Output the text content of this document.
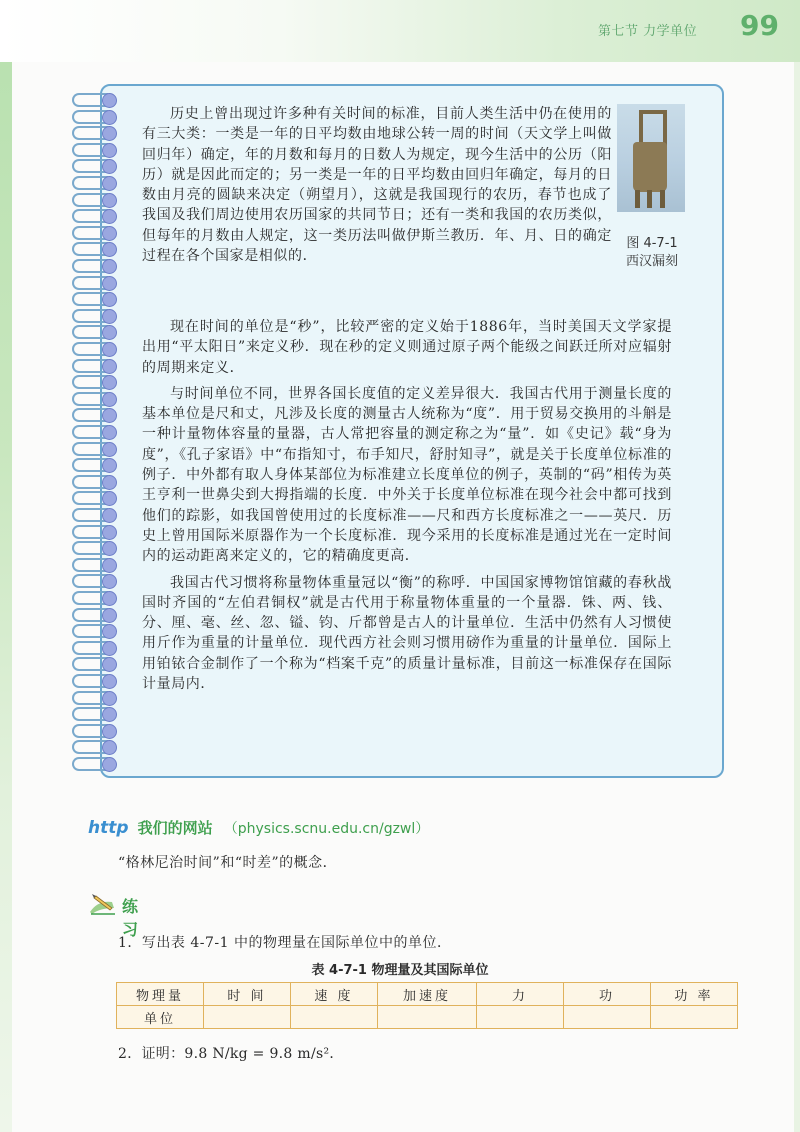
第七节 力学单位 99

历史上曾出现过许多种有关时间的标准，目前人类生活中仍在使用的有三大类：一类是一年的日平均数由地球公转一周的时间（天文学上叫做回归年）确定，年的月数和每月的日数人为规定，现今生活中的公历（阳历）就是因此而定的；另一类是一年的日平均数由回归年确定，每月的日数由月亮的圆缺来决定（朔望月），这就是我国现行的农历，春节也成了我国及我们周边使用农历国家的共同节日；还有一类和我国的农历类似，但每年的月数由人规定，这一类历法叫做伊斯兰教历．年、月、日的确定过程在各个国家是相似的．

现在时间的单位是“秒”，比较严密的定义始于1886年，当时美国天文学家提出用“平太阳日”来定义秒．现在秒的定义则通过原子两个能级之间跃迁所对应辐射的周期来定义．

与时间单位不同，世界各国长度值的定义差异很大．我国古代用于测量长度的基本单位是尺和丈，凡涉及长度的测量古人统称为“度”．用于贸易交换用的斗斛是一种计量物体容量的量器，古人常把容量的测定称之为“量”．如《史记》载“身为度”，《孔子家语》中“布指知寸，布手知尺，舒肘知寻”，就是关于长度单位标准的例子．中外都有取人身体某部位为标准建立长度单位的例子，英制的“码”相传为英王亨利一世鼻尖到大拇指端的长度．中外关于长度单位标准在现今社会中都可找到他们的踪影，如我国曾使用过的长度标准——尺和西方长度标准之一——英尺．历史上曾用国际米原器作为一个长度标准．现今采用的长度标准是通过光在一定时间内的运动距离来定义的，它的精确度更高．

我国古代习惯将称量物体重量冠以“衡”的称呼．中国国家博物馆馆藏的春秋战国时齐国的“左伯君铜权”就是古代用于称量物体重量的一个量器．铢、两、钱、分、厘、毫、丝、忽、镒、钧、斤都曾是古人的计量单位．生活中仍然有人习惯使用斤作为重量的计量单位．现代西方社会则习惯用磅作为重量的计量单位．国际上用铂铱合金制作了一个称为“档案千克”的质量计量标准，目前这一标准保存在国际计量局内．

图 4-7-1
西汉漏刻
http 我们的网站 （physics.scnu.edu.cn/gzwl）
“格林尼治时间”和“时差”的概念．
练习
1．写出表 4-7-1 中的物理量在国际单位中的单位．
表 4-7-1 物理量及其国际单位
物理量	时 间	速 度	加速度	力	功	功 率
单位						
2．证明：9.8 N/kg = 9.8 m/s²．
